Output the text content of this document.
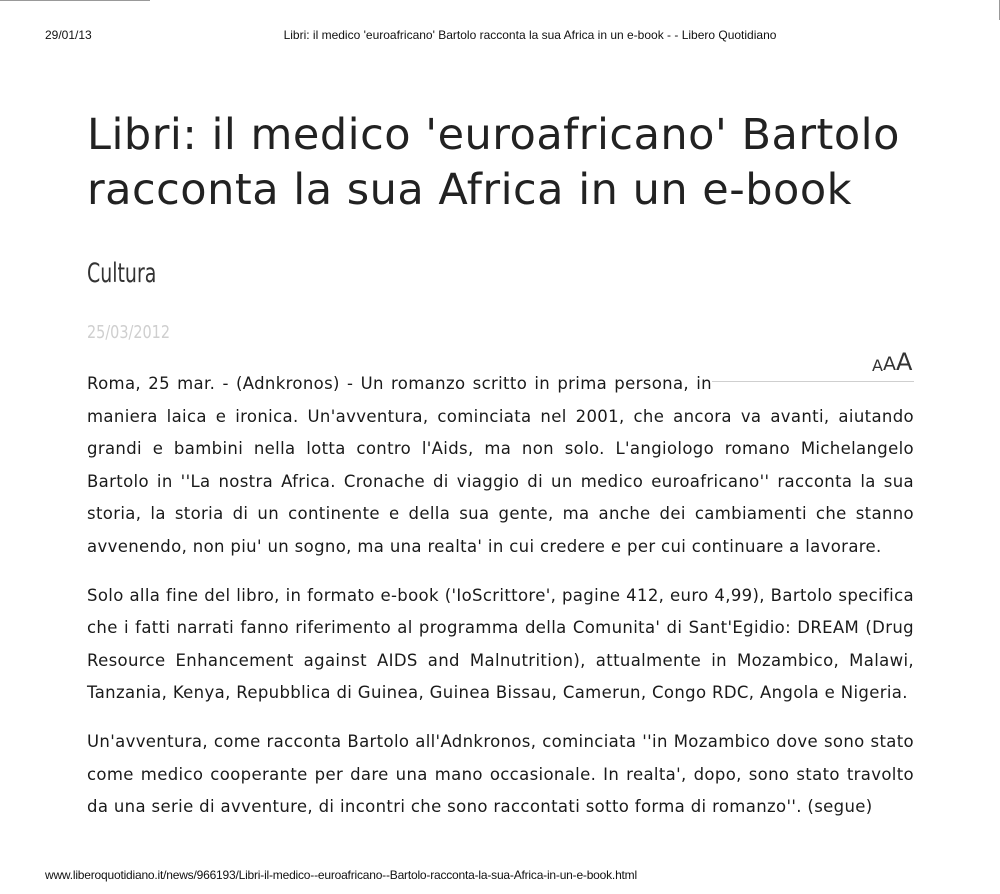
29/01/13	Libri: il medico 'euroafricano' Bartolo racconta la sua Africa in un e-book - - Libero Quotidiano
Libri: il medico 'euroafricano' Bartolo racconta la sua Africa in un e-book
Cultura
25/03/2012
AAA

Roma, 25 mar. - (Adnkronos) - Un romanzo scritto in prima persona, in
maniera laica e ironica. Un'avventura, cominciata nel 2001, che ancora va avanti, aiutando grandi e bambini nella lotta contro l'Aids, ma non solo. L'angiologo romano Michelangelo Bartolo in ''La nostra Africa. Cronache di viaggio di un medico euroafricano'' racconta la sua storia, la storia di un continente e della sua gente, ma anche dei cambiamenti che stanno avvenendo, non piu' un sogno, ma una realta' in cui credere e per cui continuare a lavorare.

Solo alla fine del libro, in formato e-book ('IoScrittore', pagine 412, euro 4,99), Bartolo specifica che i fatti narrati fanno riferimento al programma della Comunita' di Sant'Egidio: DREAM (Drug Resource Enhancement against AIDS and Malnutrition), attualmente in Mozambico, Malawi, Tanzania, Kenya, Repubblica di Guinea, Guinea Bissau, Camerun, Congo RDC, Angola e Nigeria.

Un'avventura, come racconta Bartolo all'Adnkronos, cominciata ''in Mozambico dove sono stato come medico cooperante per dare una mano occasionale. In realta', dopo, sono stato travolto da una serie di avventure, di incontri che sono raccontati sotto forma di romanzo''. (segue)

www.liberoquotidiano.it/news/966193/Libri-il-medico--euroafricano--Bartolo-racconta-la-sua-Africa-in-un-e-book.html
